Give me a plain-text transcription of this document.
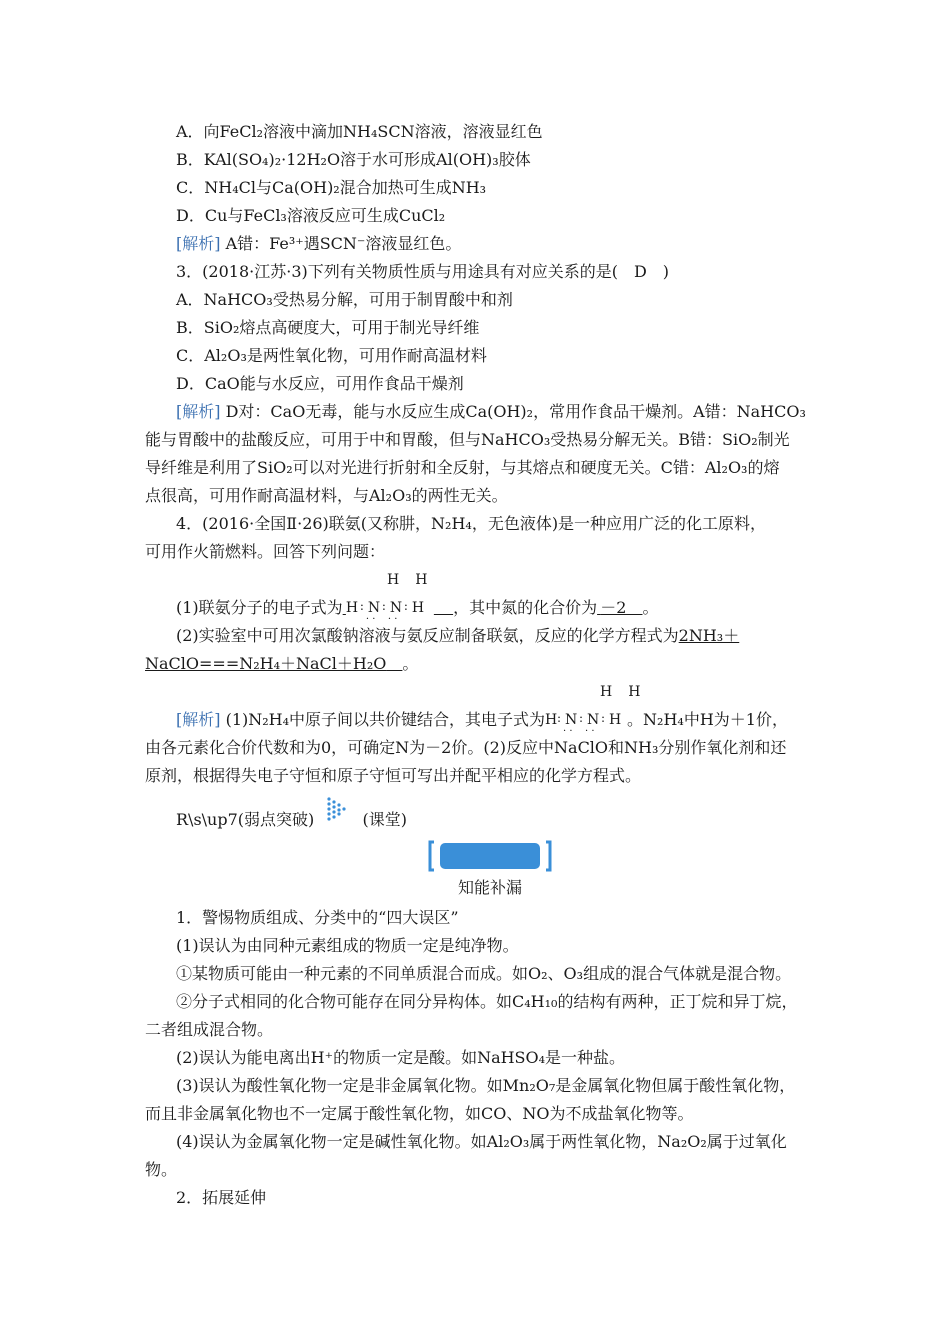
A．向FeCl₂溶液中滴加NH₄SCN溶液，溶液显红色
B．KAl(SO₄)₂·12H₂O溶于水可形成Al(OH)₃胶体
C．NH₄Cl与Ca(OH)₂混合加热可生成NH₃
D．Cu与FeCl₃溶液反应可生成CuCl₂
[解析] A错：Fe³⁺遇SCN⁻溶液显红色。
3．(2018·江苏·3)下列有关物质性质与用途具有对应关系的是(　D　)
A．NaHCO₃受热易分解，可用于制胃酸中和剂
B．SiO₂熔点高硬度大，可用于制光导纤维
C．Al₂O₃是两性氧化物，可用作耐高温材料
D．CaO能与水反应，可用作食品干燥剂
[解析] D对：CaO无毒，能与水反应生成Ca(OH)₂，常用作食品干燥剂。A错：NaHCO₃
能与胃酸中的盐酸反应，可用于中和胃酸，但与NaHCO₃受热易分解无关。B错：SiO₂制光
导纤维是利用了SiO₂可以对光进行折射和全反射，与其熔点和硬度无关。C错：Al₂O₃的熔
点很高，可用作耐高温材料，与Al₂O₃的两性无关。
4．(2016·全国Ⅱ·26)联氨(又称肼，N₂H₄，无色液体)是一种应用广泛的化工原料，
可用作火箭燃料。回答下列问题：
H H
(1)联氨分子的电子式为  H : N : N : H
· · · ·
  ，其中氮的化合价为  －2  。
(2)实验室中可用次氯酸钠溶液与氨反应制备联氨，反应的化学方程式为2NH₃＋
NaClO===N₂H₄＋NaCl＋H₂O  。
H H
[解析] (1)N₂H₄中原子间以共价键结合，其电子式为 H : N : N : H
· · · ·
。N₂H₄中H为＋1价，
由各元素化合价代数和为0，可确定N为－2价。(2)反应中NaClO和NH₃分别作氧化剂和还
原剂，根据得失电子守恒和原子守恒可写出并配平相应的化学方程式。
R\s\up7(弱点突破)	(课堂)
知能补漏
1．警惕物质组成、分类中的“四大误区”
(1)误认为由同种元素组成的物质一定是纯净物。
①某物质可能由一种元素的不同单质混合而成。如O₂、O₃组成的混合气体就是混合物。
②分子式相同的化合物可能存在同分异构体。如C₄H₁₀的结构有两种，正丁烷和异丁烷，
二者组成混合物。
(2)误认为能电离出H⁺的物质一定是酸。如NaHSO₄是一种盐。
(3)误认为酸性氧化物一定是非金属氧化物。如Mn₂O₇是金属氧化物但属于酸性氧化物，
而且非金属氧化物也不一定属于酸性氧化物，如CO、NO为不成盐氧化物等。
(4)误认为金属氧化物一定是碱性氧化物。如Al₂O₃属于两性氧化物，Na₂O₂属于过氧化
物。
2．拓展延伸
